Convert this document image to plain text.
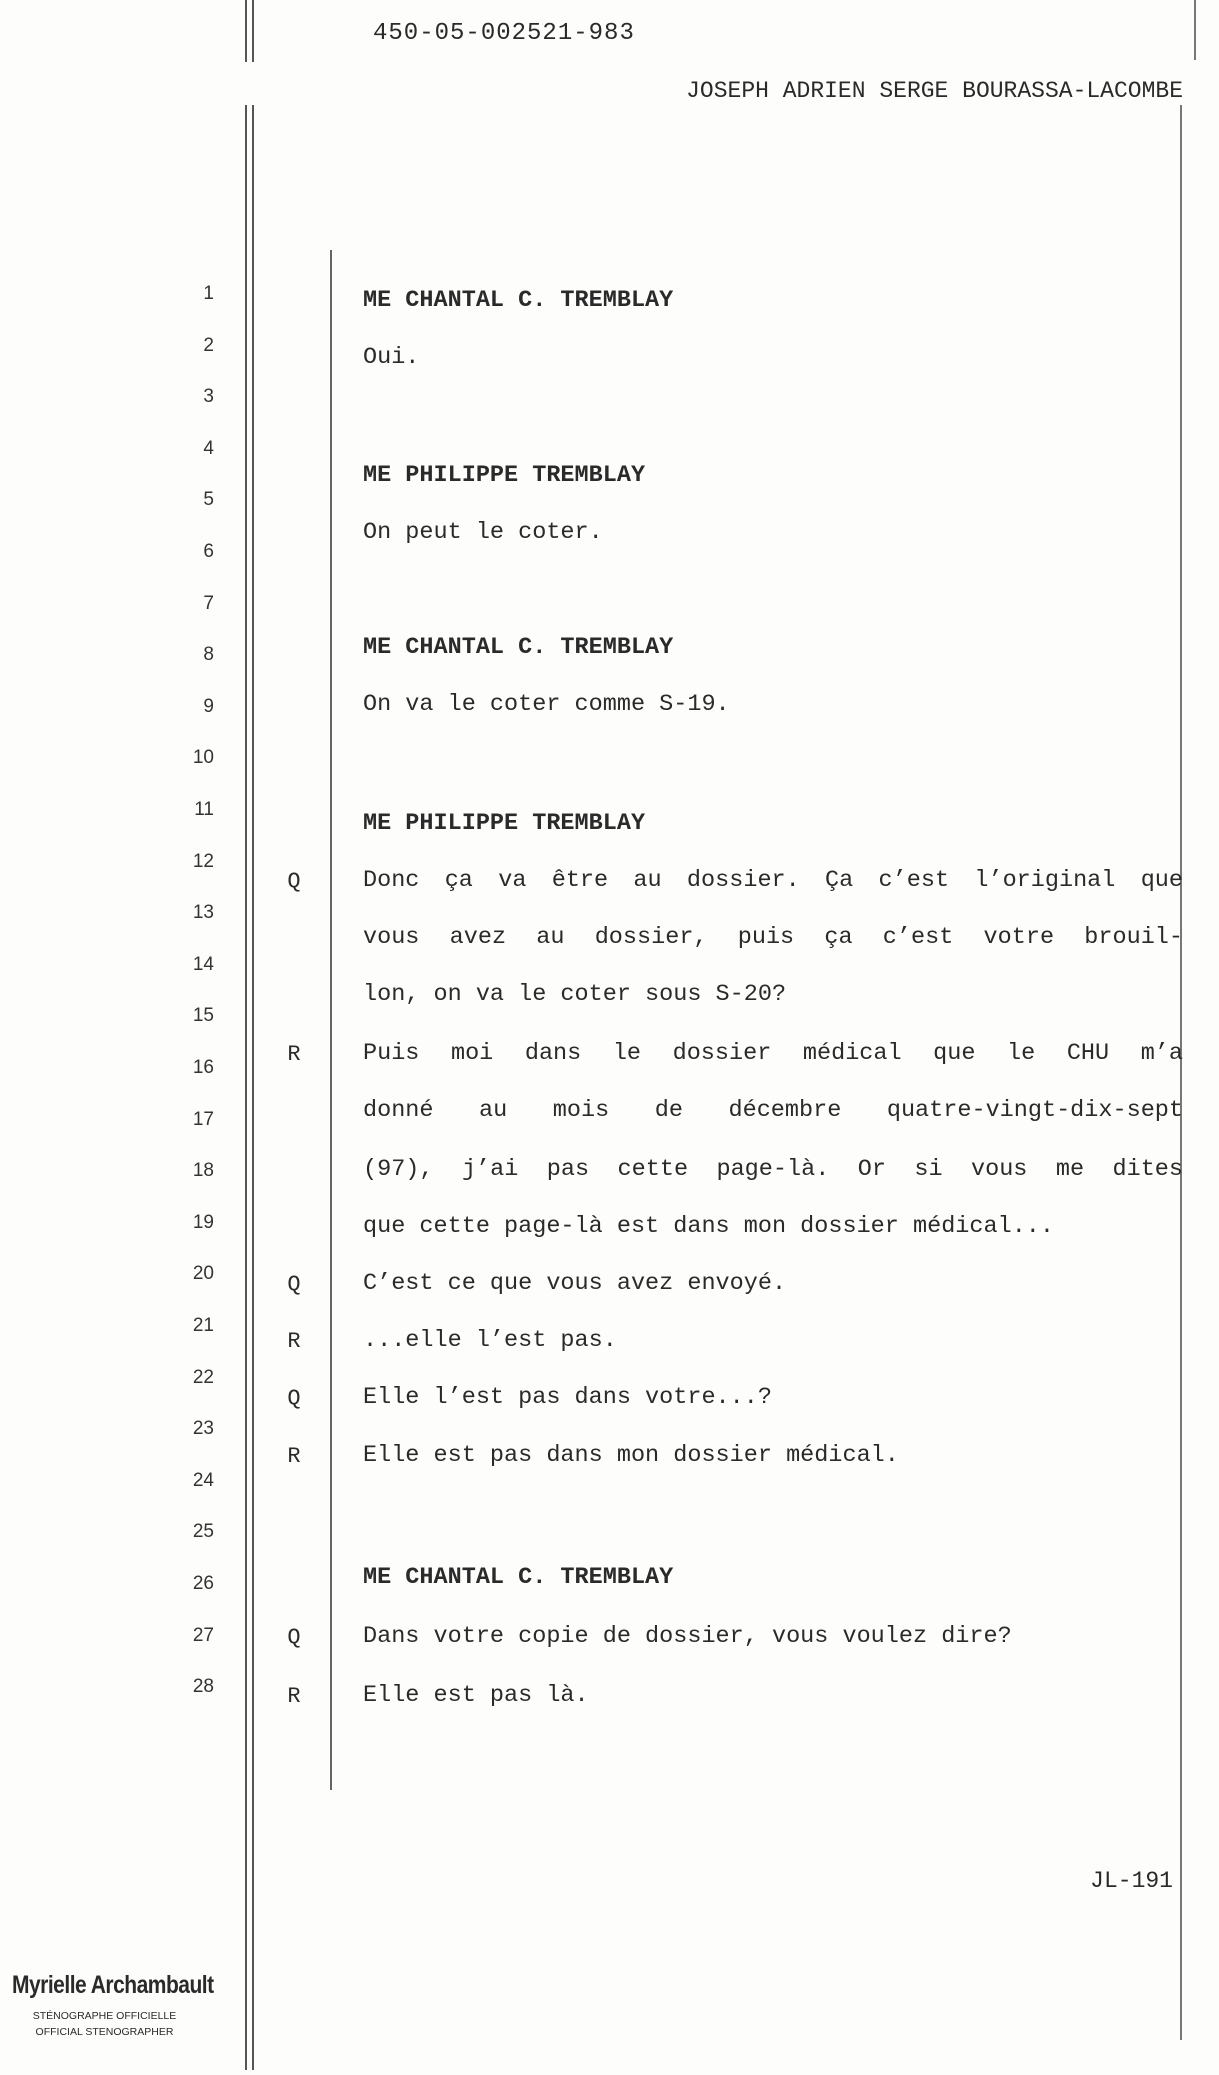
450-05-002521-983
JOSEPH ADRIEN SERGE BOURASSA-LACOMBE
1
2
3
4
5
6
7
8
9
10
11
12
13
14
15
16
17
18
19
20
21
22
23
24
25
26
27
28
ME CHANTAL C. TREMBLAY
Oui.
ME PHILIPPE TREMBLAY
On peut le coter.
ME CHANTAL C. TREMBLAY
On va le coter comme S-19.
ME PHILIPPE TREMBLAY
Q	Donc ça va être au dossier. Ça c’est l’original que
vous avez au dossier, puis ça c’est votre brouil-
lon, on va le coter sous S-20?
R	Puis moi dans le dossier médical que le CHU m’a
donné au mois de décembre quatre-vingt-dix-sept
(97), j’ai pas cette page-là. Or si vous me dites
que cette page-là est dans mon dossier médical...
Q	C’est ce que vous avez envoyé.
R	...elle l’est pas.
Q	Elle l’est pas dans votre...?
R	Elle est pas dans mon dossier médical.
ME CHANTAL C. TREMBLAY
Q	Dans votre copie de dossier, vous voulez dire?
R	Elle est pas là.
JL-191
Myrielle Archambault
STÉNOGRAPHE OFFICIELLE
OFFICIAL STENOGRAPHER
